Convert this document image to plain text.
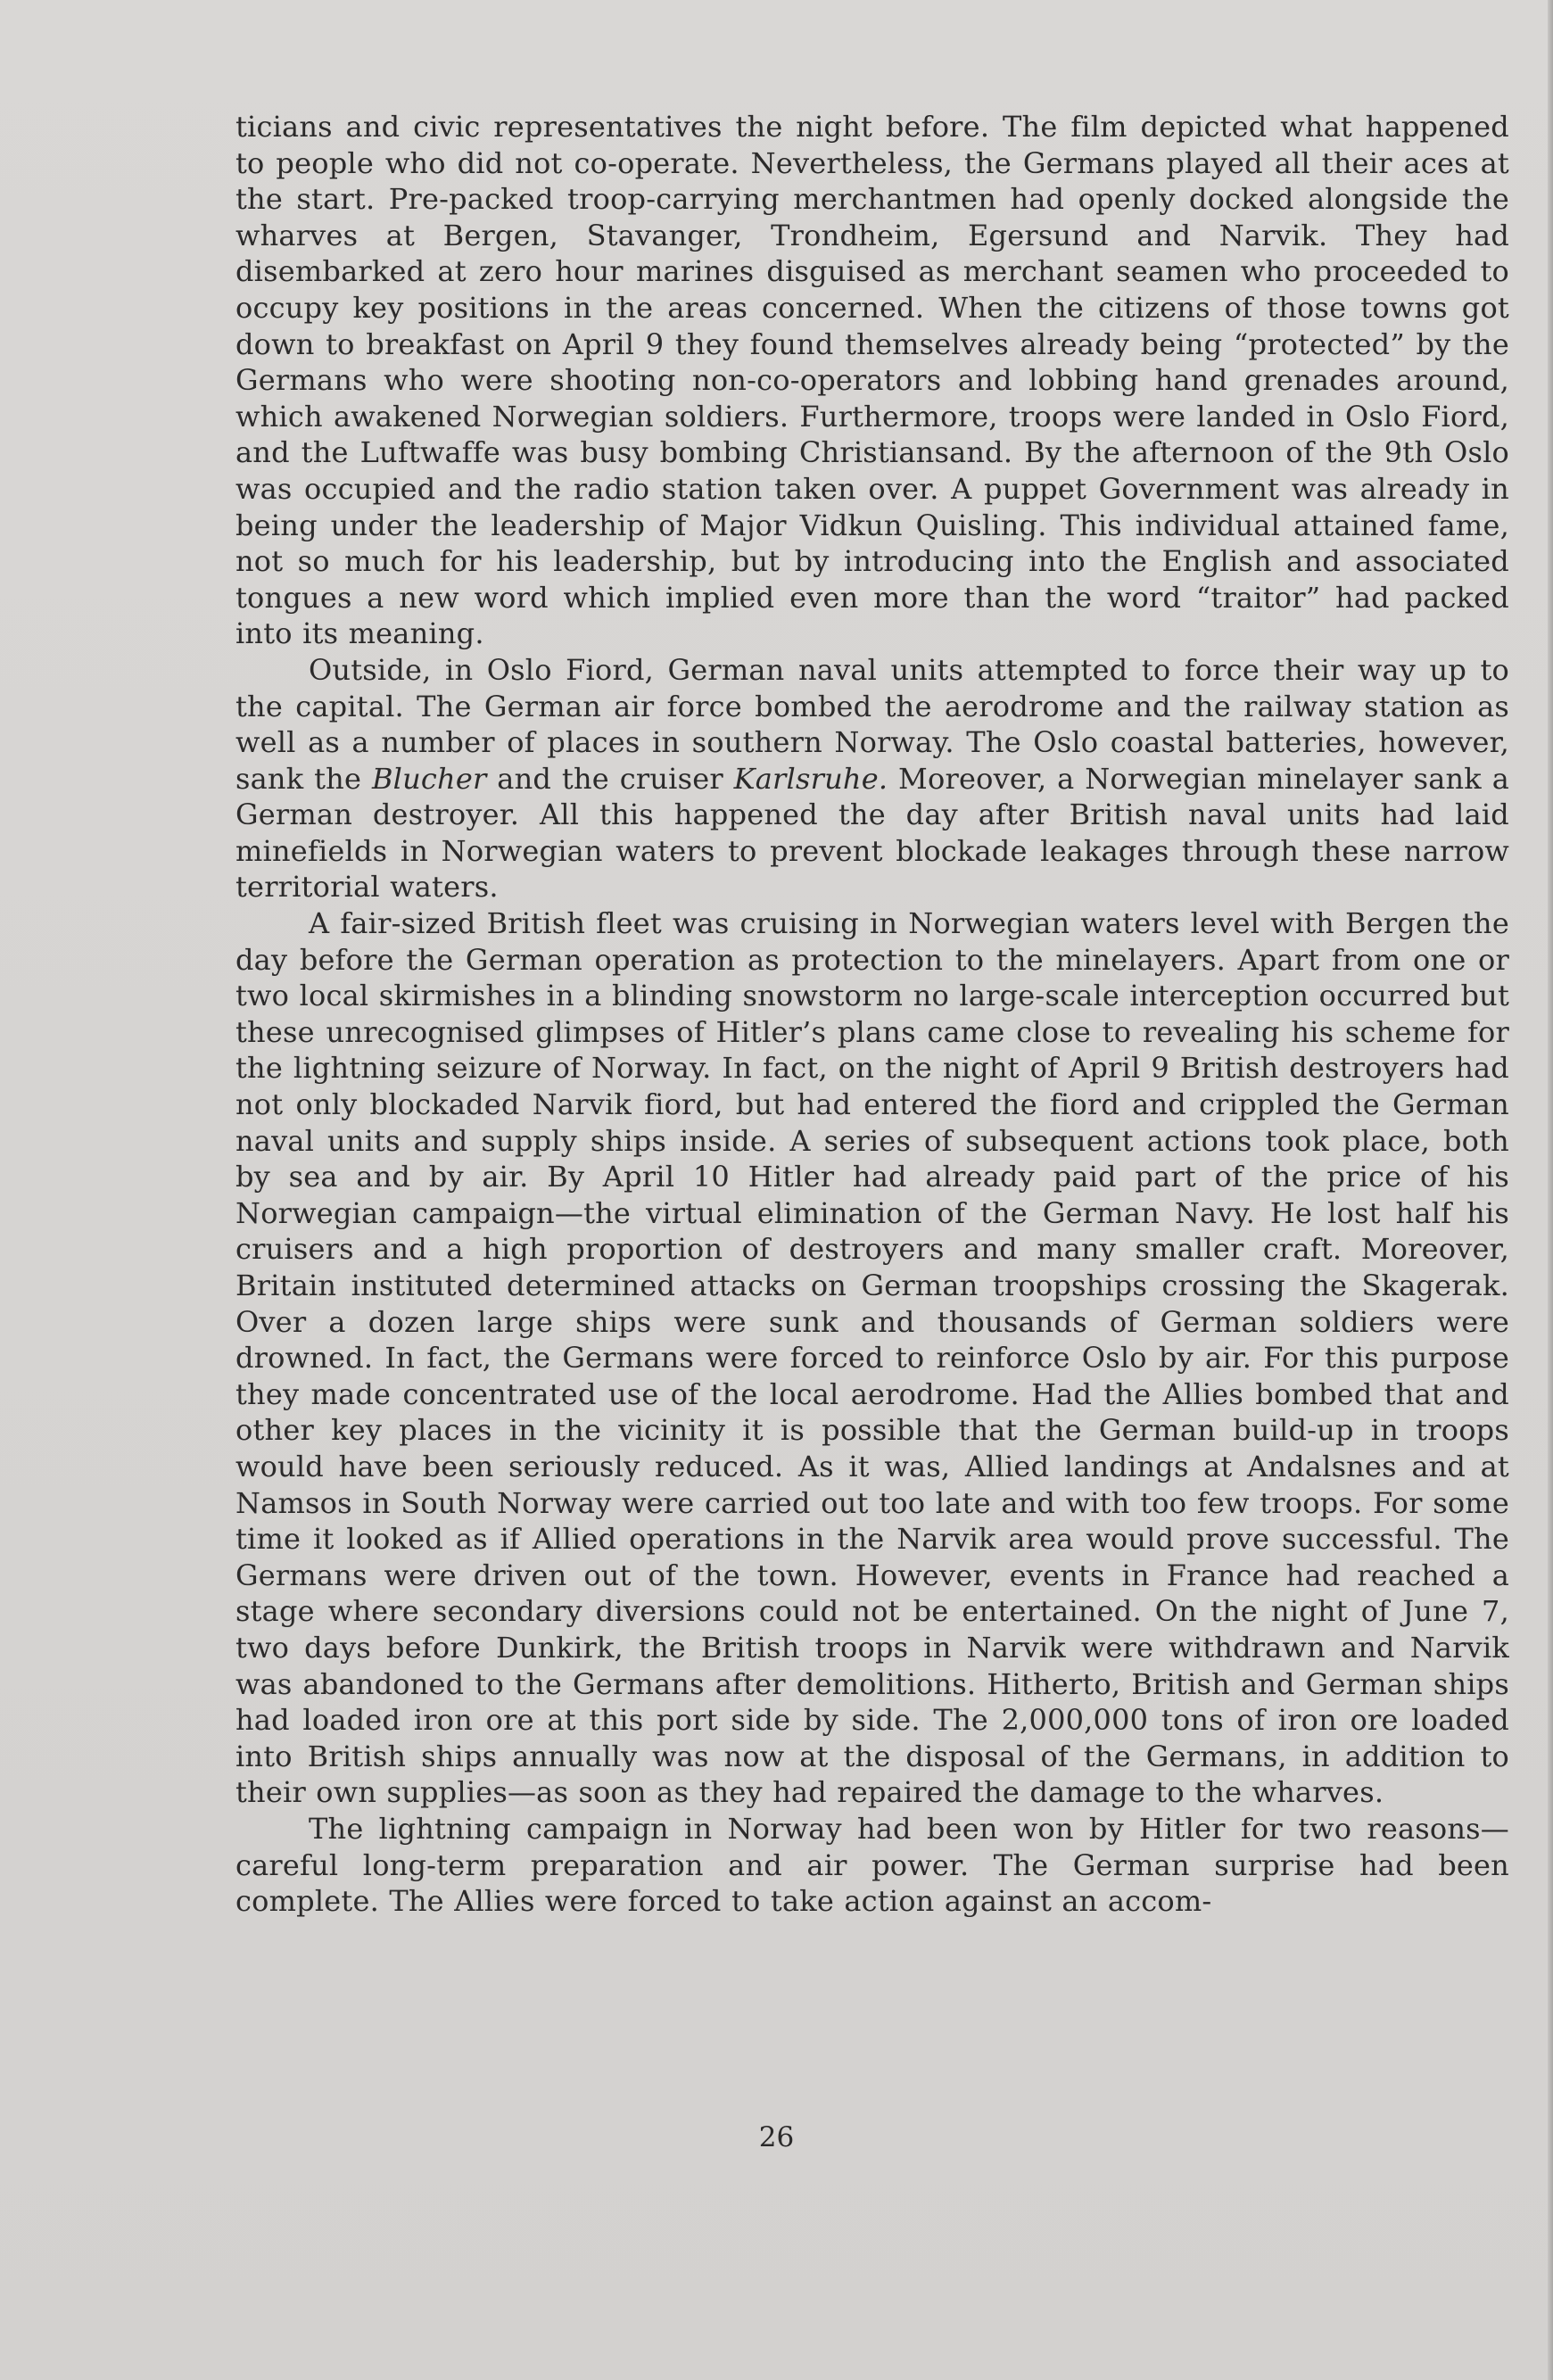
ticians and civic representatives the night before. The film depicted what happened to people who did not co-operate. Nevertheless, the Germans played all their aces at the start. Pre-packed troop-carrying merchantmen had openly docked alongside the wharves at Bergen, Stavanger, Trondheim, Egersund and Narvik. They had disembarked at zero hour marines disguised as merchant seamen who proceeded to occupy key positions in the areas concerned. When the citizens of those towns got down to breakfast on April 9 they found themselves already being “protected” by the Germans who were shooting non-co-operators and lobbing hand grenades around, which awakened Norwegian soldiers. Furthermore, troops were landed in Oslo Fiord, and the Luftwaffe was busy bombing Christiansand. By the afternoon of the 9th Oslo was occupied and the radio station taken over. A puppet Government was already in being under the leadership of Major Vidkun Quisling. This individual attained fame, not so much for his leadership, but by introducing into the English and associated tongues a new word which implied even more than the word “traitor” had packed into its meaning.

Outside, in Oslo Fiord, German naval units attempted to force their way up to the capital. The German air force bombed the aerodrome and the railway station as well as a number of places in southern Norway. The Oslo coastal batteries, however, sank the Blucher and the cruiser Karlsruhe. Moreover, a Norwegian minelayer sank a German destroyer. All this happened the day after British naval units had laid minefields in Norwegian waters to prevent blockade leakages through these narrow territorial waters.

A fair-sized British fleet was cruising in Norwegian waters level with Bergen the day before the German operation as protection to the minelayers. Apart from one or two local skirmishes in a blinding snowstorm no large-scale interception occurred but these unrecognised glimpses of Hitler’s plans came close to revealing his scheme for the lightning seizure of Norway. In fact, on the night of April 9 British destroyers had not only blockaded Narvik fiord, but had entered the fiord and crippled the German naval units and supply ships inside. A series of subsequent actions took place, both by sea and by air. By April 10 Hitler had already paid part of the price of his Norwegian campaign—the virtual elimination of the German Navy. He lost half his cruisers and a high proportion of destroyers and many smaller craft. Moreover, Britain instituted determined attacks on German troopships crossing the Skagerak. Over a dozen large ships were sunk and thousands of German soldiers were drowned. In fact, the Germans were forced to reinforce Oslo by air. For this purpose they made concentrated use of the local aerodrome. Had the Allies bombed that and other key places in the vicinity it is possible that the German build-up in troops would have been seriously reduced. As it was, Allied landings at Andalsnes and at Namsos in South Norway were carried out too late and with too few troops. For some time it looked as if Allied operations in the Narvik area would prove successful. The Germans were driven out of the town. However, events in France had reached a stage where secondary diversions could not be entertained. On the night of June 7, two days before Dunkirk, the British troops in Narvik were withdrawn and Narvik was abandoned to the Germans after demolitions. Hitherto, British and German ships had loaded iron ore at this port side by side. The 2,000,000 tons of iron ore loaded into British ships annually was now at the disposal of the Germans, in addition to their own supplies—as soon as they had repaired the damage to the wharves.

The lightning campaign in Norway had been won by Hitler for two reasons—careful long-term preparation and air power. The German surprise had been complete. The Allies were forced to take action against an accom-

26
